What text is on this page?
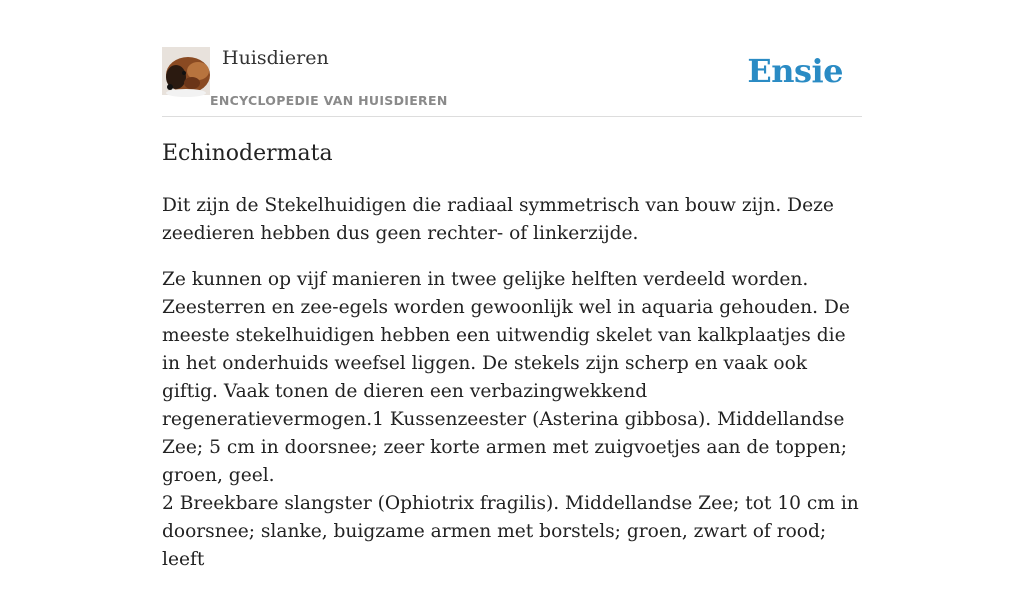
Huisdieren
ENCYCLOPEDIE VAN HUISDIEREN
Ensie
Echinodermata

Dit zijn de Stekelhuidigen die radiaal symmetrisch van bouw zijn. Deze zeedieren hebben dus geen rechter- of linkerzijde.

Ze kunnen op vijf manieren in twee gelijke helften verdeeld worden. Zeesterren en zee-egels worden gewoonlijk wel in aquaria gehouden. De meeste stekelhuidigen hebben een uitwendig skelet van kalkplaatjes die in het onderhuids weefsel liggen. De stekels zijn scherp en vaak ook giftig. Vaak tonen de dieren een verbazingwekkend regeneratievermogen.1 Kussenzeester (Asterina gibbosa). Middellandse Zee; 5 cm in doorsnee; zeer korte armen met zuigvoetjes aan de toppen; groen, geel.
2 Breekbare slangster (Ophiotrix fragilis). Middellandse Zee; tot 10 cm in doorsnee; slanke, buigzame armen met borstels; groen, zwart of rood; leeft
